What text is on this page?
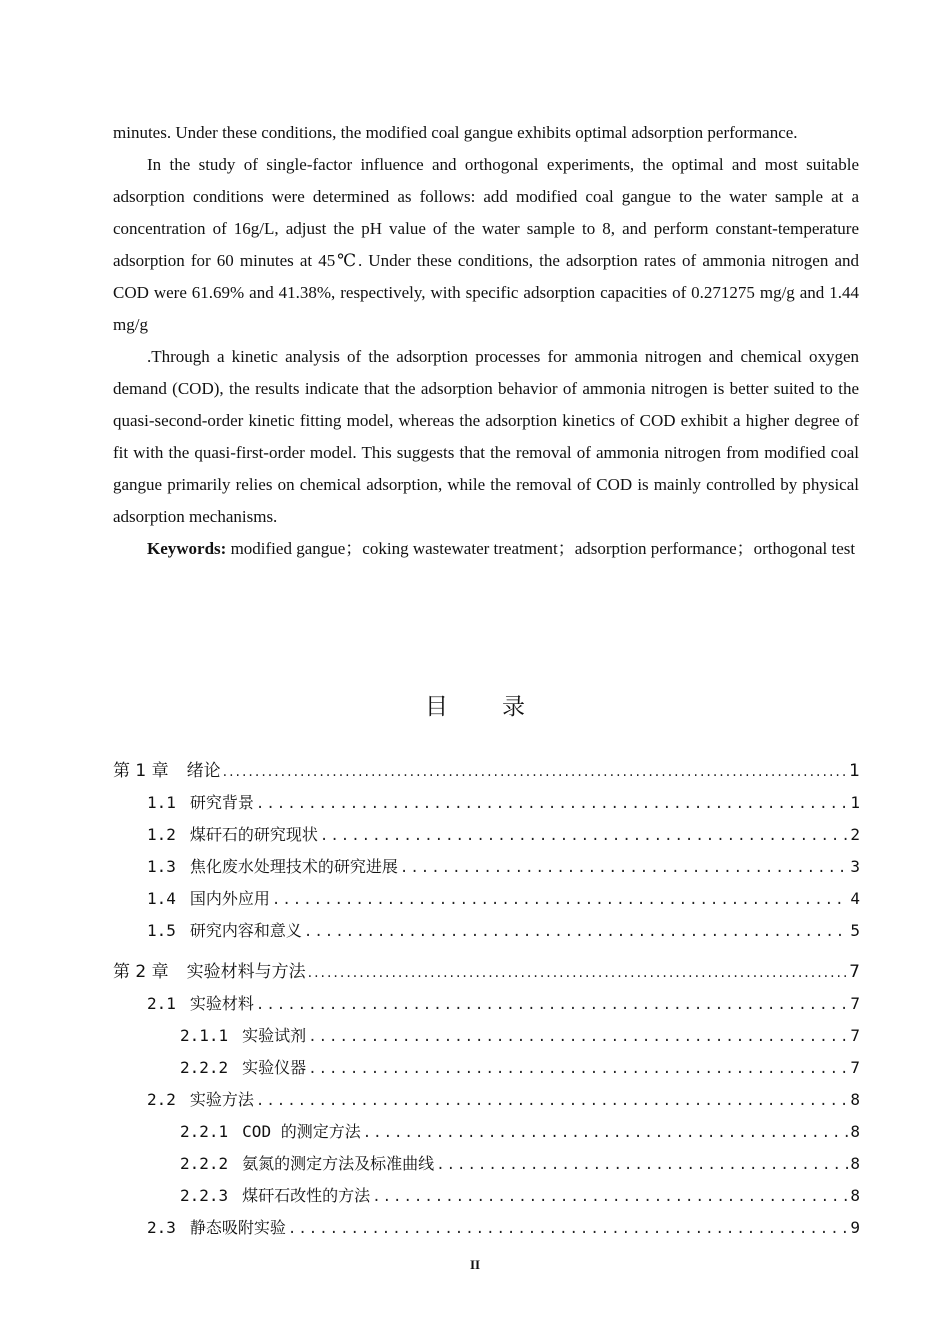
minutes. Under these conditions, the modified coal gangue exhibits optimal adsorption performance.

In the study of single-factor influence and orthogonal experiments, the optimal and most suitable adsorption conditions were determined as follows: add modified coal gangue to the water sample at a concentration of 16g/L, adjust the pH value of the water sample to 8, and perform constant-temperature adsorption for 60 minutes at 45℃. Under these conditions, the adsorption rates of ammonia nitrogen and COD were 61.69% and 41.38%, respectively, with specific adsorption capacities of 0.271275 mg/g and 1.44 mg/g

.Through a kinetic analysis of the adsorption processes for ammonia nitrogen and chemical oxygen demand (COD), the results indicate that the adsorption behavior of ammonia nitrogen is better suited to the quasi-second-order kinetic fitting model, whereas the adsorption kinetics of COD exhibit a higher degree of fit with the quasi-first-order model. This suggests that the removal of ammonia nitrogen from modified coal gangue primarily relies on chemical adsorption, while the removal of COD is mainly controlled by physical adsorption mechanisms.

Keywords: modified gangue；coking wastewater treatment；adsorption performance；orthogonal test

目录
第 1 章 绪论 .....	1
1.1 研究背景 .....	1
1.2 煤矸石的研究现状 .....	2
1.3 焦化废水处理技术的研究进展 .....	3
1.4 国内外应用 .....	4
1.5 研究内容和意义 .....	5
第 2 章 实验材料与方法 .....	7
2.1 实验材料 .....	7
2.1.1 实验试剂 .....	7
2.2.2 实验仪器 .....	7
2.2 实验方法 .....	8
2.2.1 COD 的测定方法 .....	8
2.2.2 氨氮的测定方法及标准曲线 .....	8
2.2.3 煤矸石改性的方法 .....	8
2.3 静态吸附实验 .....	9
II
